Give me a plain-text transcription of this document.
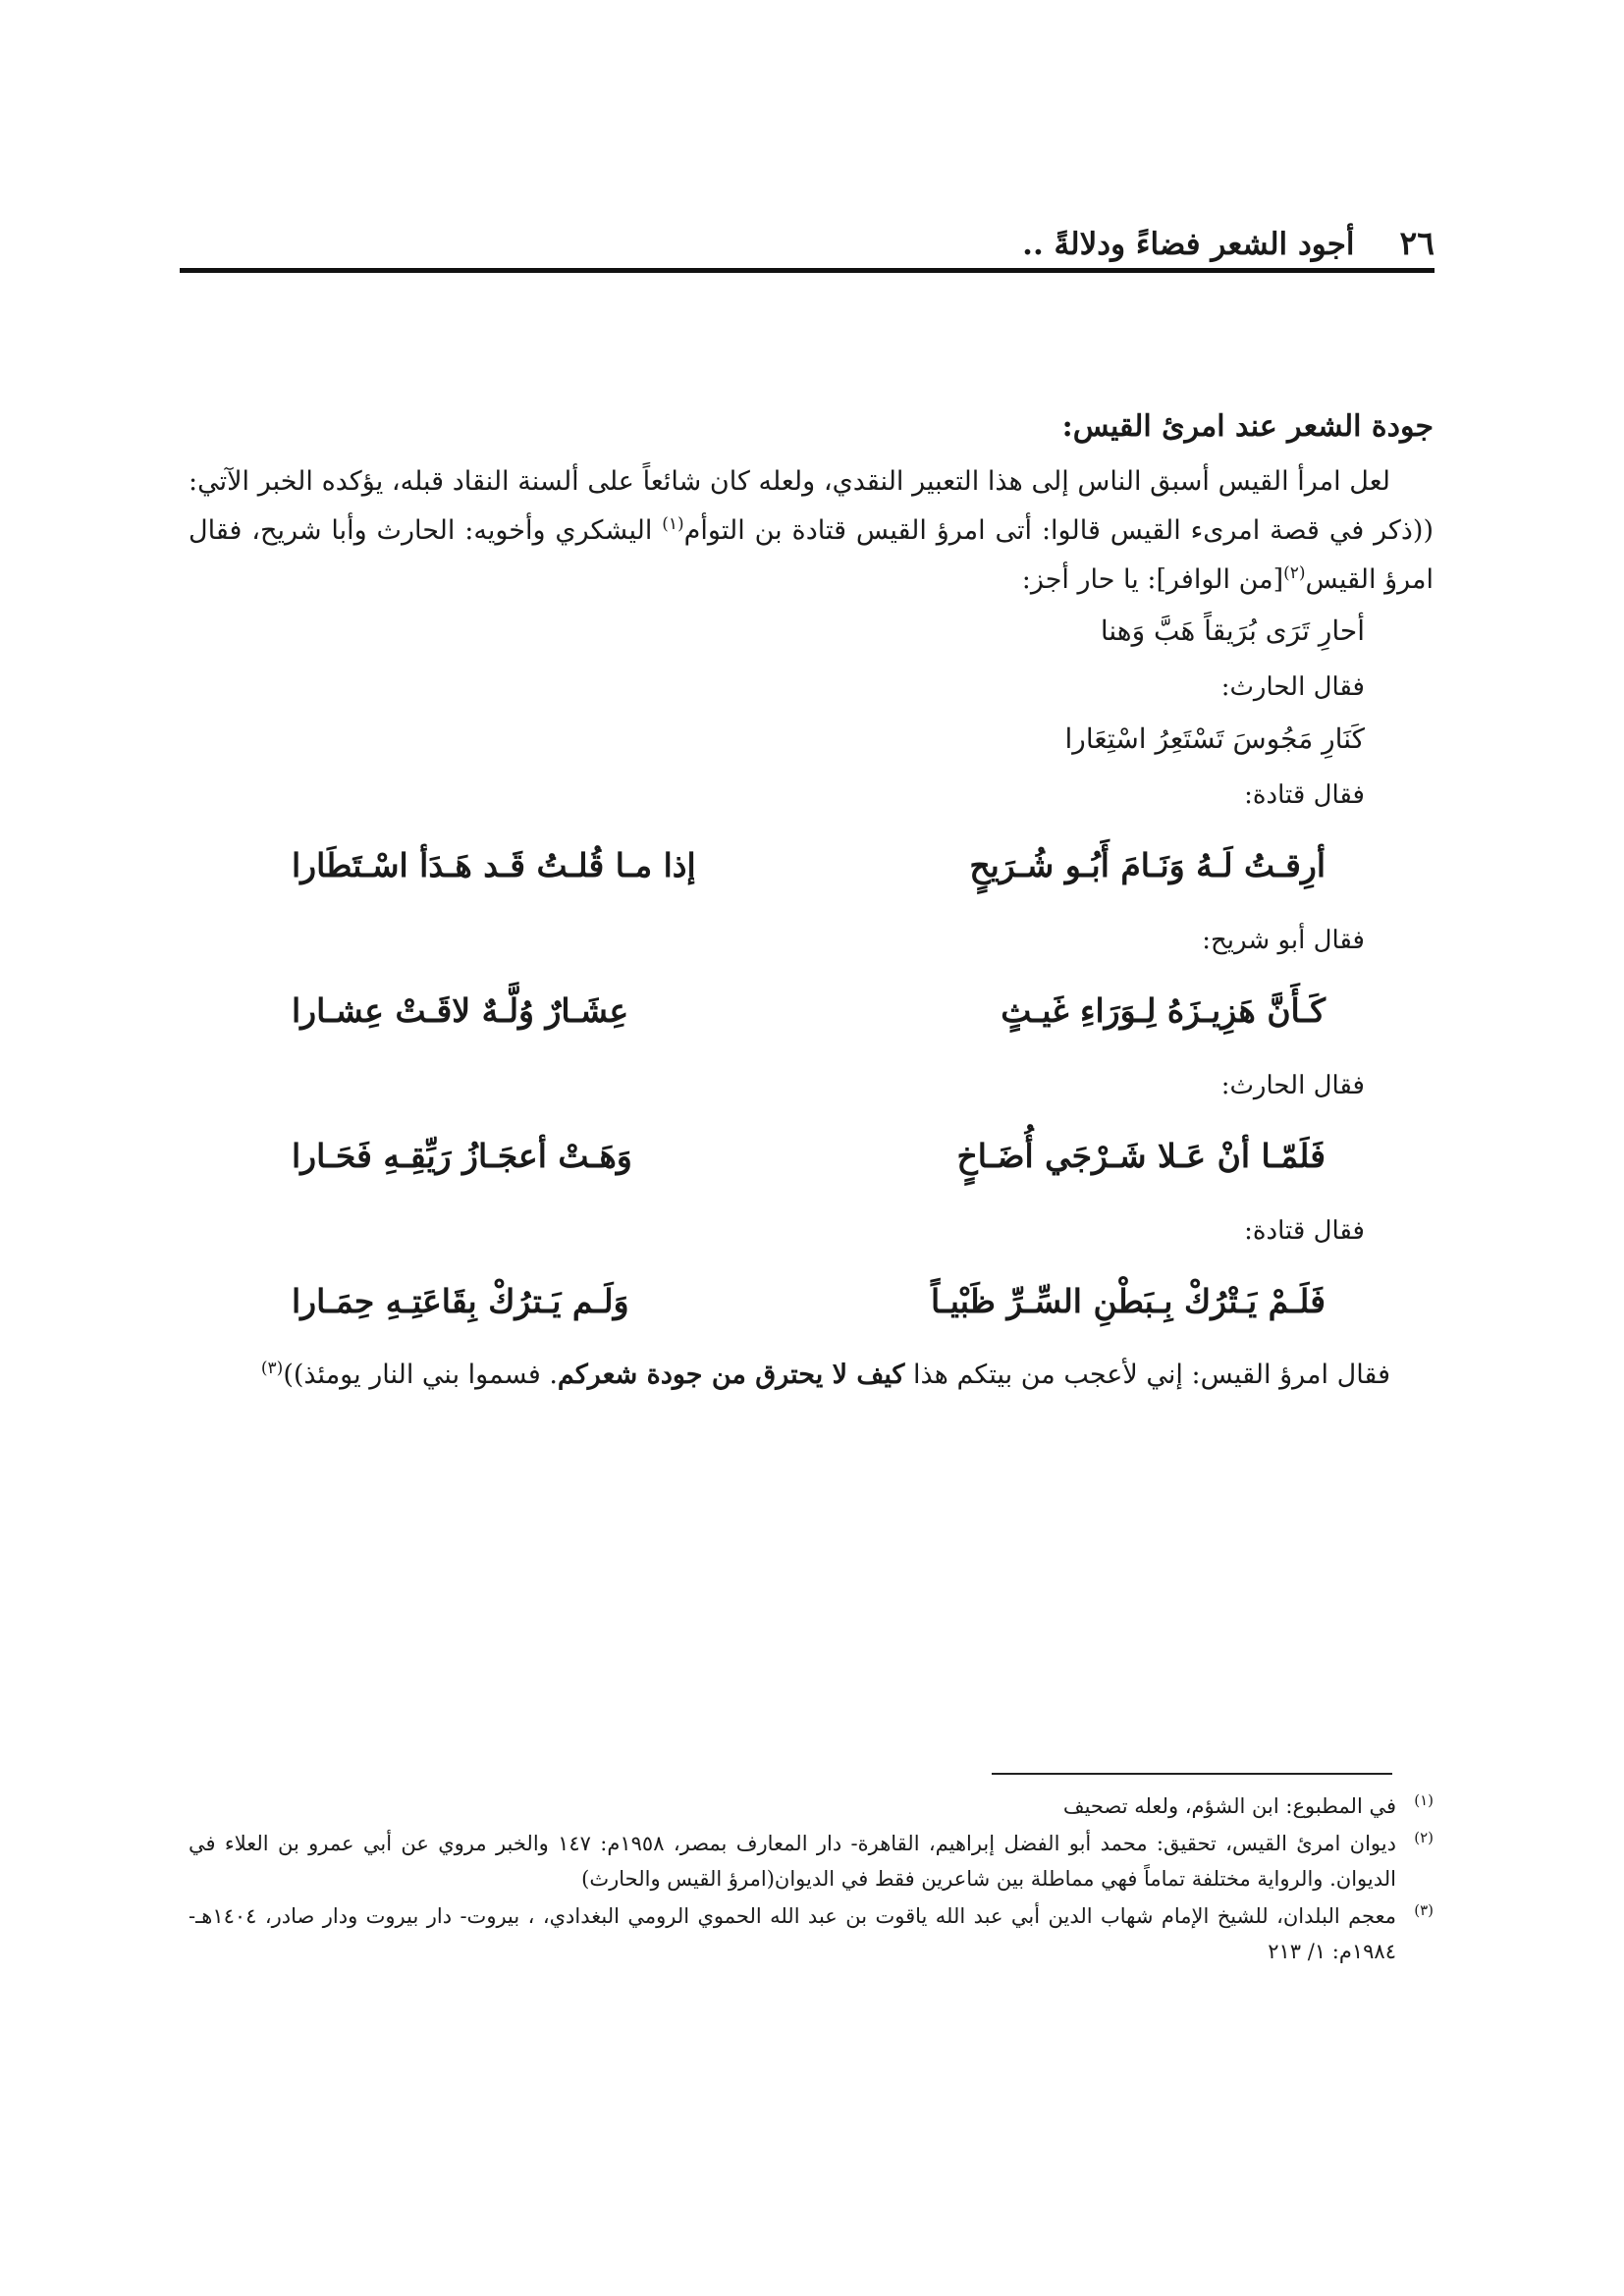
٢٦
أجود الشعر فضاءً ودلالةً ..
جودة الشعر عند امرئ القيس:

لعل امرأ القيس أسبق الناس إلى هذا التعبير النقدي، ولعله كان شائعاً على ألسنة النقاد قبله، يؤكده الخبر الآتي: ((ذكر في قصة امرىء القيس قالوا: أتى امرؤ القيس قتادة بن التوأم$^{(١)}$ اليشكري وأخويه: الحارث وأبا شريح، فقال امرؤ القيس$^{(٢)}$[من الوافر]: يا حار أجز:

أحارِ تَرَى بُرَيقاً هَبَّ وَهنا

فقال الحارث:

كَنَارِ مَجُوسَ تَسْتَعِرُ اسْتِعَارا

فقال قتادة:

أرِقـتُ لَـهُ وَنَـامَ أَبُـو شُـرَيحٍ
إذا مـا قُلـتُ قَـد هَـدَأ اسْـتَطَارا

فقال أبو شريح:

كَـأَنَّ هَزِيـزَهُ لِـوَرَاءِ غَيـثٍ
عِشَـارٌ وُلَّـهٌ لاقَـتْ عِشـارا

فقال الحارث:

فَلَمّـا أنْ عَـلا شَـرْجَي أُضَـاخٍ
وَهَـتْ أعجَـازُ رَيِّقِـهِ فَحَـارا

فقال قتادة:

فَلَـمْ يَـتْرُكْ بِـبَطْنِ السِّـرِّ ظَبْيـاً
وَلَـم يَـترُكْ بِقَاعَتِـهِ حِمَـارا

فقال امرؤ القيس: إني لأعجب من بيتكم هذا كيف لا يحترق من جودة شعركم. فسموا بني النار يومئذ))$^{(٣)}$

(١)
في المطبوع: ابن الشؤم، ولعله تصحيف
(٢)
ديوان امرئ القيس، تحقيق: محمد أبو الفضل إبراهيم، القاهرة- دار المعارف بمصر، ١٩٥٨م: ١٤٧ والخبر مروي عن أبي عمرو بن العلاء في الديوان. والرواية مختلفة تماماً فهي مماطلة بين شاعرين فقط في الديوان(امرؤ القيس والحارث)
(٣)
معجم البلدان، للشيخ الإمام شهاب الدين أبي عبد الله ياقوت بن عبد الله الحموي الرومي البغدادي، ، بيروت- دار بيروت ودار صادر، ١٤٠٤هـ- ١٩٨٤م: ١/ ٢١٣
